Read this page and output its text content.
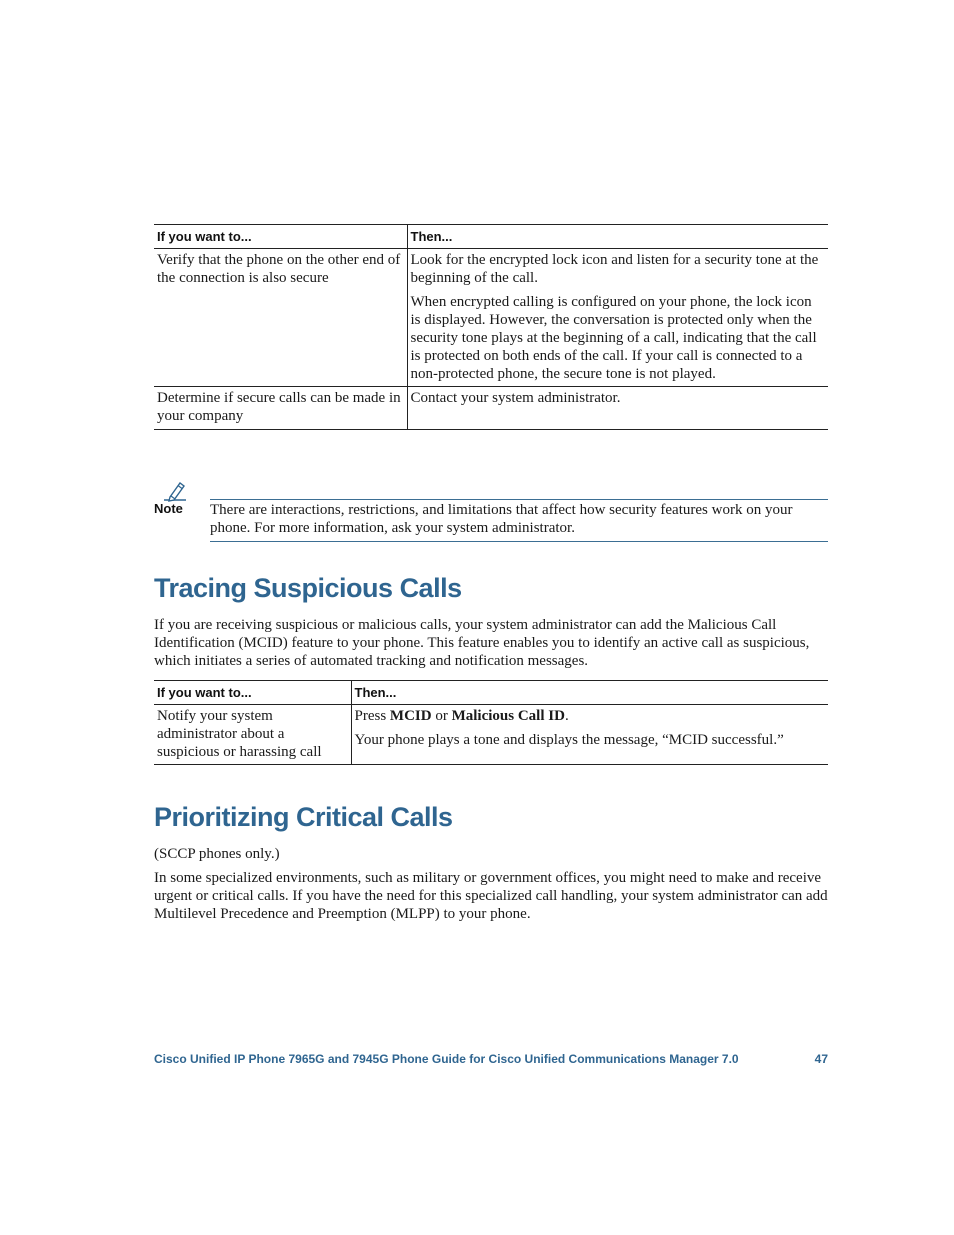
If you want to...	Then...
Verify that the phone on the other end of the connection is also secure	Look for the encrypted lock icon and listen for a security tone at the beginning of the call.

When encrypted calling is configured on your phone, the lock icon is displayed. However, the conversation is protected only when the security tone plays at the beginning of a call, indicating that the call is protected on both ends of the call. If your call is connected to a non-protected phone, the secure tone is not played.

Determine if secure calls can be made in your company	Contact your system administrator.

Note There are interactions, restrictions, and limitations that affect how security features work on your phone. For more information, ask your system administrator.
Tracing Suspicious Calls

If you are receiving suspicious or malicious calls, your system administrator can add the Malicious Call Identification (MCID) feature to your phone. This feature enables you to identify an active call as suspicious, which initiates a series of automated tracking and notification messages.

If you want to...	Then...
Notify your system administrator about a suspicious or harassing call	Press MCID or Malicious Call ID.

Your phone plays a tone and displays the message, “MCID successful.”

Prioritizing Critical Calls

(SCCP phones only.)

In some specialized environments, such as military or government offices, you might need to make and receive urgent or critical calls. If you have the need for this specialized call handling, your system administrator can add Multilevel Precedence and Preemption (MLPP) to your phone.

Cisco Unified IP Phone 7965G and 7945G Phone Guide for Cisco Unified Communications Manager 7.0	47
